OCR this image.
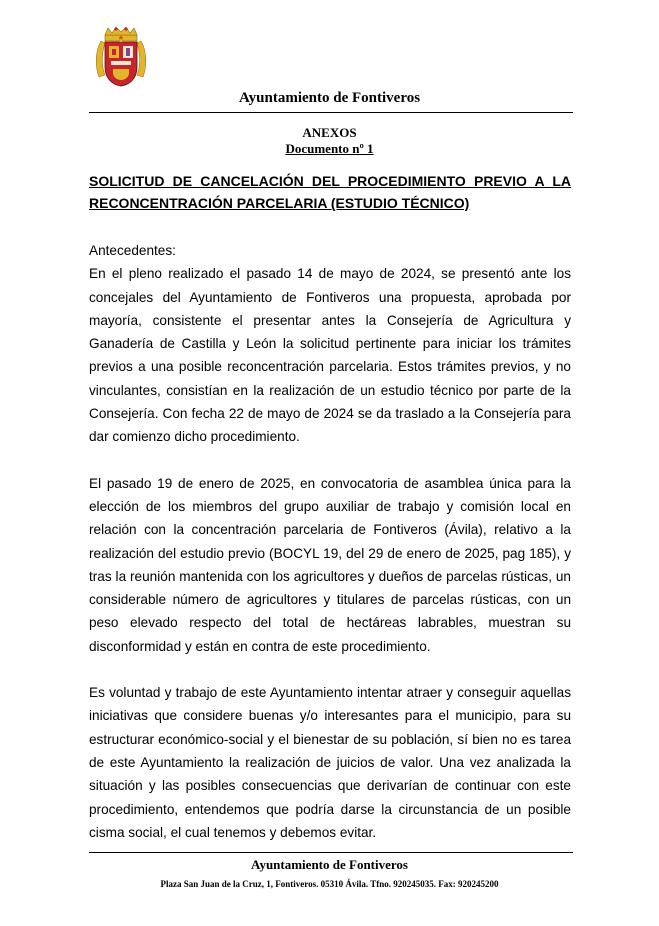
Ayuntamiento de Fontiveros
ANEXOS
Documento nº 1
SOLICITUD DE CANCELACIÓN DEL PROCEDIMIENTO PREVIO A LA RECONCENTRACIÓN PARCELARIA (ESTUDIO TÉCNICO)

Antecedentes:

En el pleno realizado el pasado 14 de mayo de 2024, se presentó ante los concejales del Ayuntamiento de Fontiveros una propuesta, aprobada por mayoría, consistente el presentar antes la Consejería de Agricultura y Ganadería de Castilla y León la solicitud pertinente para iniciar los trámites previos a una posible reconcentración parcelaria. Estos trámites previos, y no vinculantes, consistían en la realización de un estudio técnico por parte de la Consejería. Con fecha 22 de mayo de 2024 se da traslado a la Consejería para dar comienzo dicho procedimiento.

El pasado 19 de enero de 2025, en convocatoria de asamblea única para la elección de los miembros del grupo auxiliar de trabajo y comisión local en relación con la concentración parcelaria de Fontiveros (Ávila), relativo a la realización del estudio previo (BOCYL 19, del 29 de enero de 2025, pag 185), y tras la reunión mantenida con los agricultores y dueños de parcelas rústicas, un considerable número de agricultores y titulares de parcelas rústicas, con un peso elevado respecto del total de hectáreas labrables, muestran su disconformidad y están en contra de este procedimiento.

Es voluntad y trabajo de este Ayuntamiento intentar atraer y conseguir aquellas iniciativas que considere buenas y/o interesantes para el municipio, para su estructurar económico-social y el bienestar de su población, sí bien no es tarea de este Ayuntamiento la realización de juicios de valor. Una vez analizada la situación y las posibles consecuencias que derivarían de continuar con este procedimiento, entendemos que podría darse la circunstancia de un posible cisma social, el cual tenemos y debemos evitar.

Ayuntamiento de Fontiveros
Plaza San Juan de la Cruz, 1, Fontiveros. 05310 Ávila. Tfno. 920245035. Fax: 920245200
